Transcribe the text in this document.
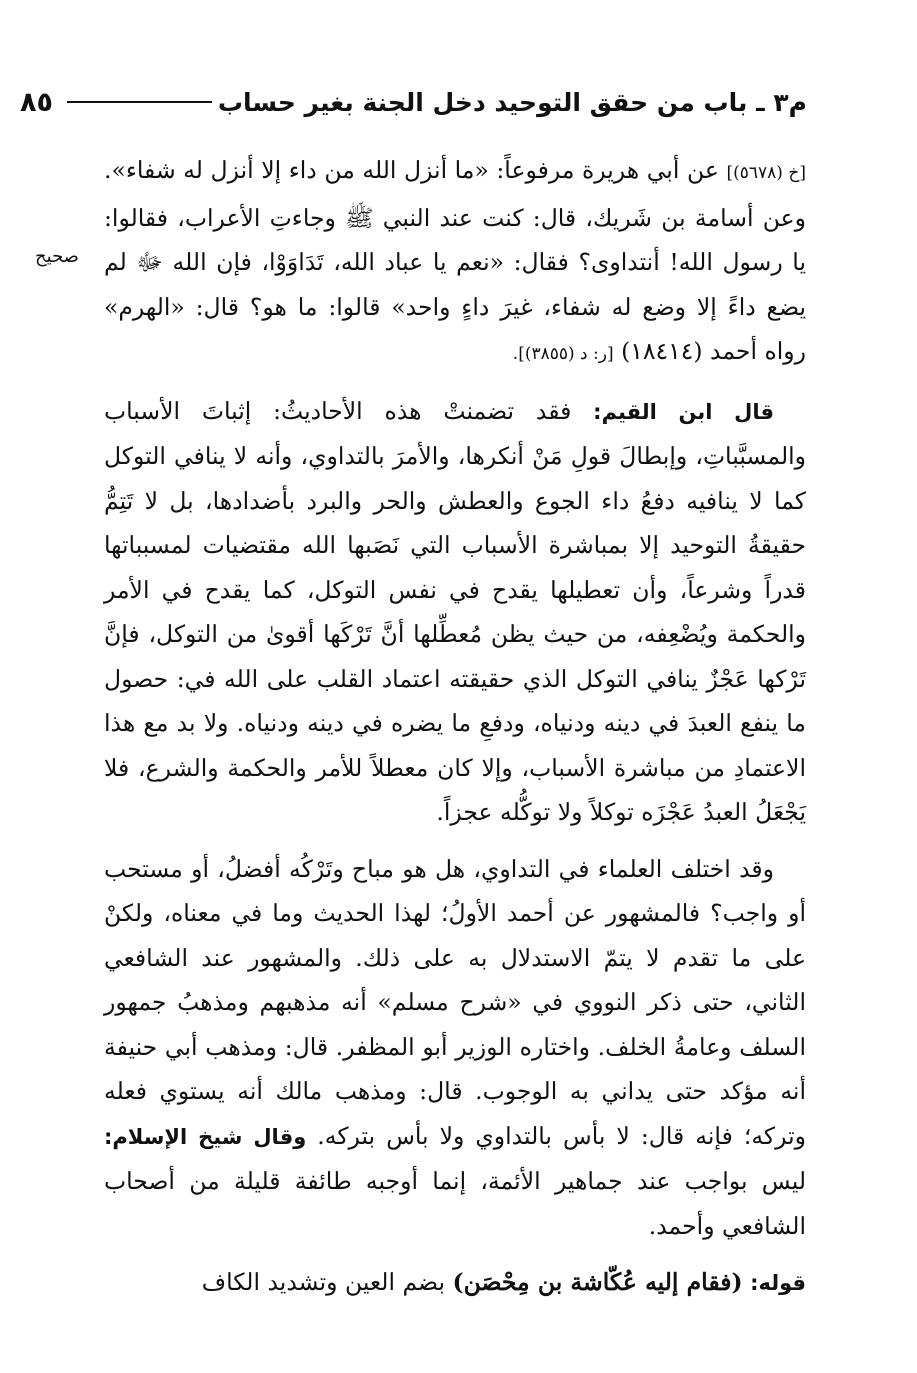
م٣ ـ باب من حقق التوحيد دخل الجنة بغير حساب
٨٥
صحيح

[خ (٥٦٧٨)] عن أبي هريرة مرفوعاً: «ما أنزل الله من داء إلا أنزل له شفاء». وعن أسامة بن شَريك، قال: كنت عند النبي ﷺ وجاءتِ الأعراب، فقالوا: يا رسول الله! أنتداوى؟ فقال: «نعم يا عباد الله، تَدَاوَوْا، فإن الله ﷻ لم يضع داءً إلا وضع له شفاء، غيرَ داءٍ واحد» قالوا: ما هو؟ قال: «الهرم» رواه أحمد (١٨٤١٤) [ر: د (٣٨٥٥)].

قال ابن القيم: فقد تضمنتْ هذه الأحاديثُ: إثباتَ الأسباب والمسبَّباتِ، وإبطالَ قولِ مَنْ أنكرها، والأمرَ بالتداوي، وأنه لا ينافي التوكل كما لا ينافيه دفعُ داء الجوع والعطش والحر والبرد بأضدادها، بل لا تَتِمُّ حقيقةُ التوحيد إلا بمباشرة الأسباب التي نَصَبها الله مقتضيات لمسبباتها قدراً وشرعاً، وأن تعطيلها يقدح في نفس التوكل، كما يقدح في الأمر والحكمة ويُضْعِفه، من حيث يظن مُعطِّلها أنَّ تَرْكَها أقوىٰ من التوكل، فإنَّ تَرْكها عَجْزٌ ينافي التوكل الذي حقيقته اعتماد القلب على الله في: حصول ما ينفع العبدَ في دينه ودنياه، ودفعِ ما يضره في دينه ودنياه. ولا بد مع هذا الاعتمادِ من مباشرة الأسباب، وإلا كان معطلاً للأمر والحكمة والشرع، فلا يَجْعَلُ العبدُ عَجْزَه توكلاً ولا توكُّله عجزاً.

وقد اختلف العلماء في التداوي، هل هو مباح وتَرْكُه أفضلُ، أو مستحب أو واجب؟ فالمشهور عن أحمد الأولُ؛ لهذا الحديث وما في معناه، ولكنْ على ما تقدم لا يتمّ الاستدلال به على ذلك. والمشهور عند الشافعي الثاني، حتى ذكر النووي في «شرح مسلم» أنه مذهبهم ومذهبُ جمهور السلف وعامةُ الخلف. واختاره الوزير أبو المظفر. قال: ومذهب أبي حنيفة أنه مؤكد حتى يداني به الوجوب. قال: ومذهب مالك أنه يستوي فعله وتركه؛ فإنه قال: لا بأس بالتداوي ولا بأس بتركه. وقال شيخ الإسلام: ليس بواجب عند جماهير الأئمة، إنما أوجبه طائفة قليلة من أصحاب الشافعي وأحمد.

قوله: (فقام إليه عُكّاشة بن مِحْصَن) بضم العين وتشديد الكاف
